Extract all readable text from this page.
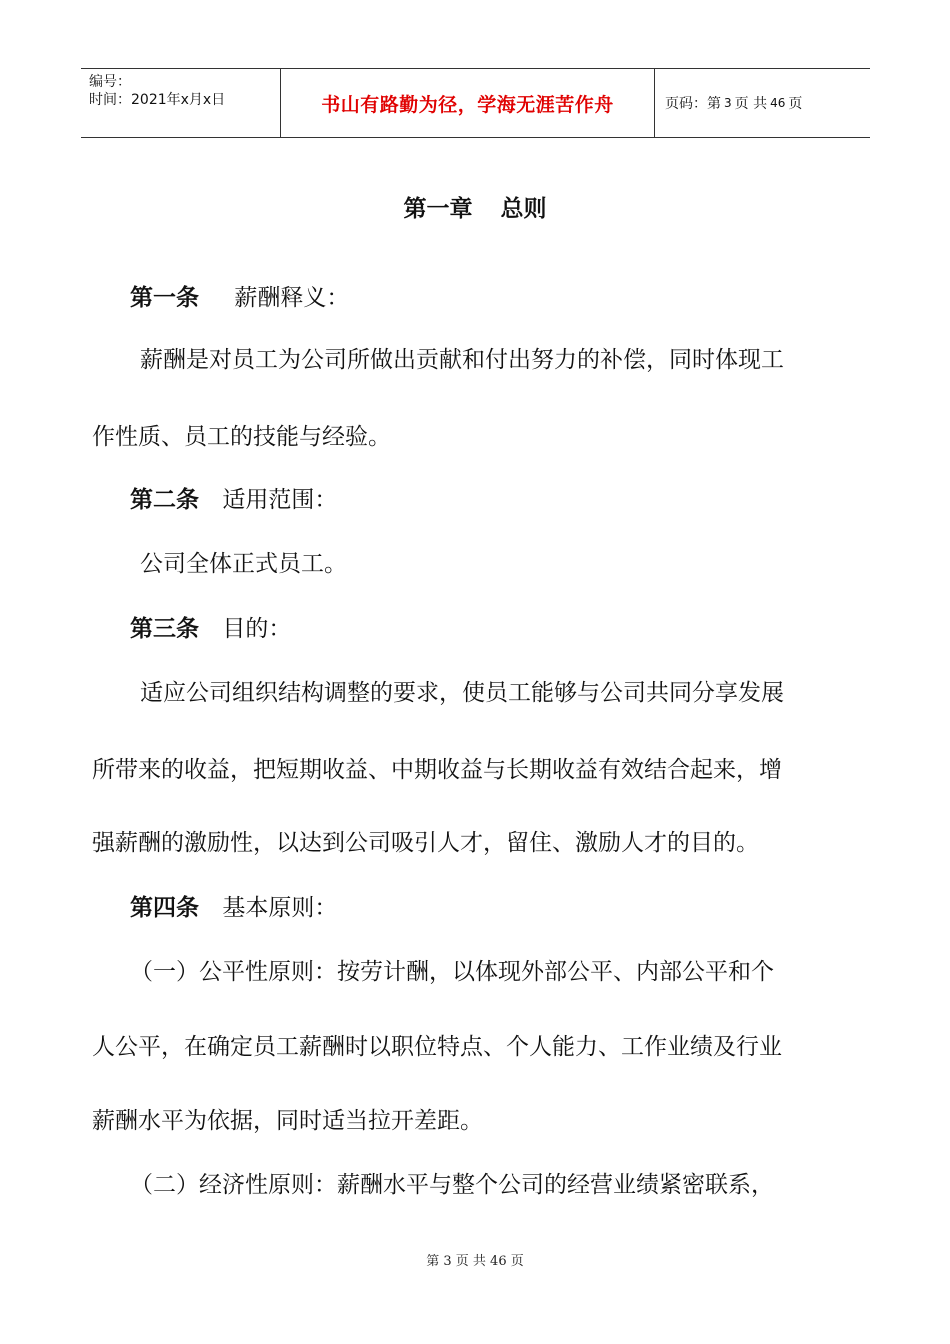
编号：
时间：2021年x月x日	书山有路勤为径，学海无涯苦作舟	页码：第 3 页 共 46 页
第一章 总则
第一条 薪酬释义：
薪酬是对员工为公司所做出贡献和付出努力的补偿，同时体现工
作性质、员工的技能与经验。
第二条 适用范围：
公司全体正式员工。
第三条 目的：
适应公司组织结构调整的要求，使员工能够与公司共同分享发展
所带来的收益，把短期收益、中期收益与长期收益有效结合起来，增
强薪酬的激励性，以达到公司吸引人才，留住、激励人才的目的。
第四条 基本原则：
（一）公平性原则：按劳计酬，以体现外部公平、内部公平和个
人公平，在确定员工薪酬时以职位特点、个人能力、工作业绩及行业
薪酬水平为依据，同时适当拉开差距。
（二）经济性原则：薪酬水平与整个公司的经营业绩紧密联系，
第 3 页 共 46 页
